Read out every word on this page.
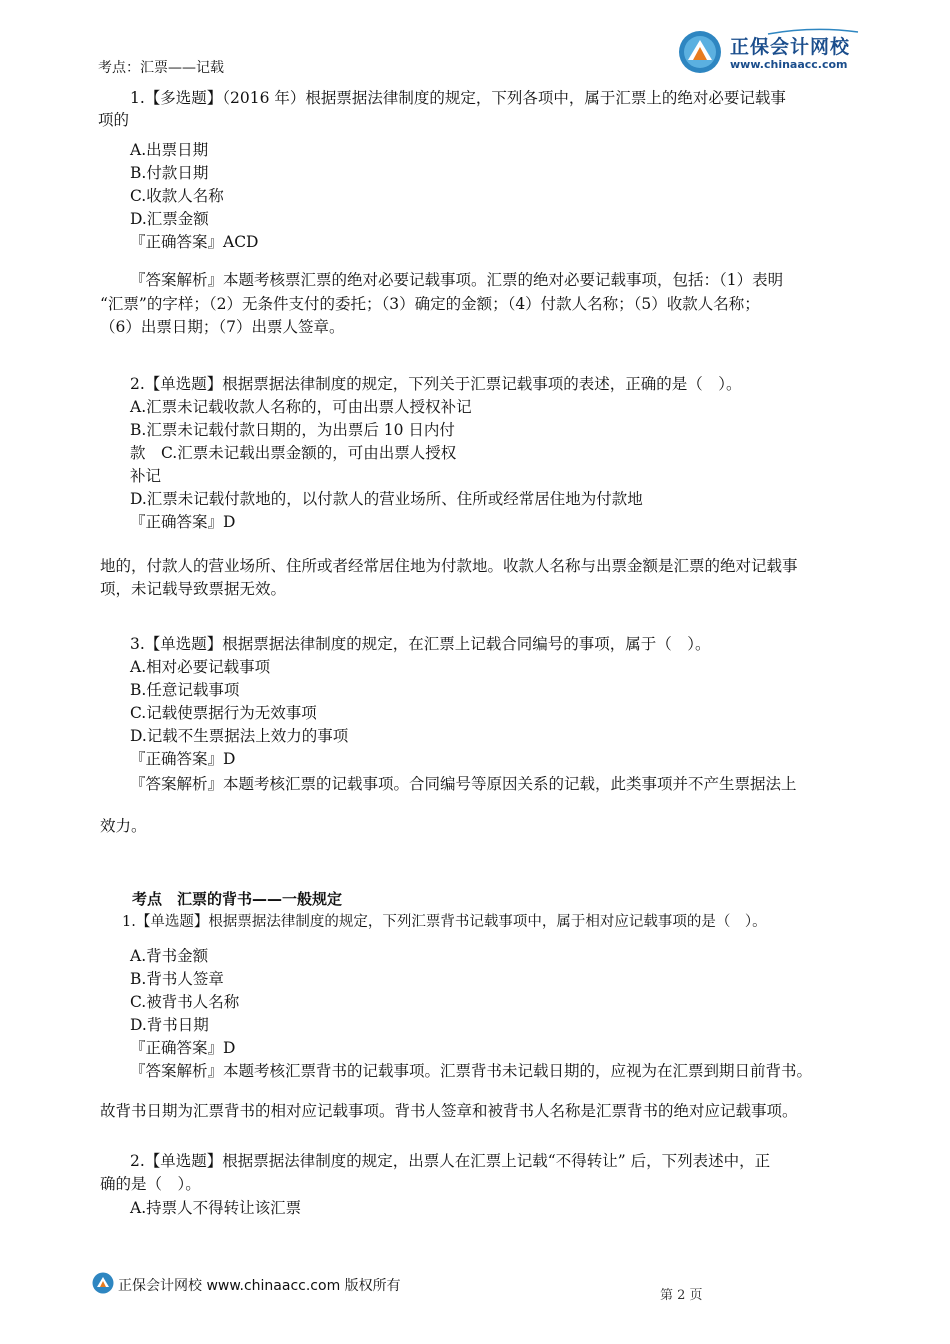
考点：汇票——记载
正保会计网校
www.chinaacc.com
1.【多选题】（2016 年）根据票据法律制度的规定，下列各项中，属于汇票上的绝对必要记载事
项的
A.出票日期
B.付款日期
C.收款人名称
D.汇票金额
『正确答案』ACD
『答案解析』本题考核票汇票的绝对必要记载事项。汇票的绝对必要记载事项，包括：（1）表明
“汇票”的字样；（2）无条件支付的委托；（3）确定的金额；（4）付款人名称；（5）收款人名称；
（6）出票日期；（7）出票人签章。
2.【单选题】根据票据法律制度的规定，下列关于汇票记载事项的表述，正确的是（　）。
A.汇票未记载收款人名称的，可由出票人授权补记
B.汇票未记载付款日期的，为出票后 10 日内付
款　C.汇票未记载出票金额的，可由出票人授权
补记
D.汇票未记载付款地的，以付款人的营业场所、住所或经常居住地为付款地
『正确答案』D
地的，付款人的营业场所、住所或者经常居住地为付款地。收款人名称与出票金额是汇票的绝对记载事
项，未记载导致票据无效。
3.【单选题】根据票据法律制度的规定，在汇票上记载合同编号的事项，属于（　）。
A.相对必要记载事项
B.任意记载事项
C.记载使票据行为无效事项
D.记载不生票据法上效力的事项
『正确答案』D
『答案解析』本题考核汇票的记载事项。合同编号等原因关系的记载，此类事项并不产生票据法上
效力。
考点　汇票的背书——一般规定
1.【单选题】根据票据法律制度的规定，下列汇票背书记载事项中，属于相对应记载事项的是（　）。
A.背书金额
B.背书人签章
C.被背书人名称
D.背书日期
『正确答案』D
『答案解析』本题考核汇票背书的记载事项。汇票背书未记载日期的，应视为在汇票到期日前背书。
故背书日期为汇票背书的相对应记载事项。背书人签章和被背书人名称是汇票背书的绝对应记载事项。
2.【单选题】根据票据法律制度的规定，出票人在汇票上记载“不得转让” 后，下列表述中，正
确的是（　）。
A.持票人不得转让该汇票
正保会计网校 www.chinaacc.com 版权所有
第 2 页
